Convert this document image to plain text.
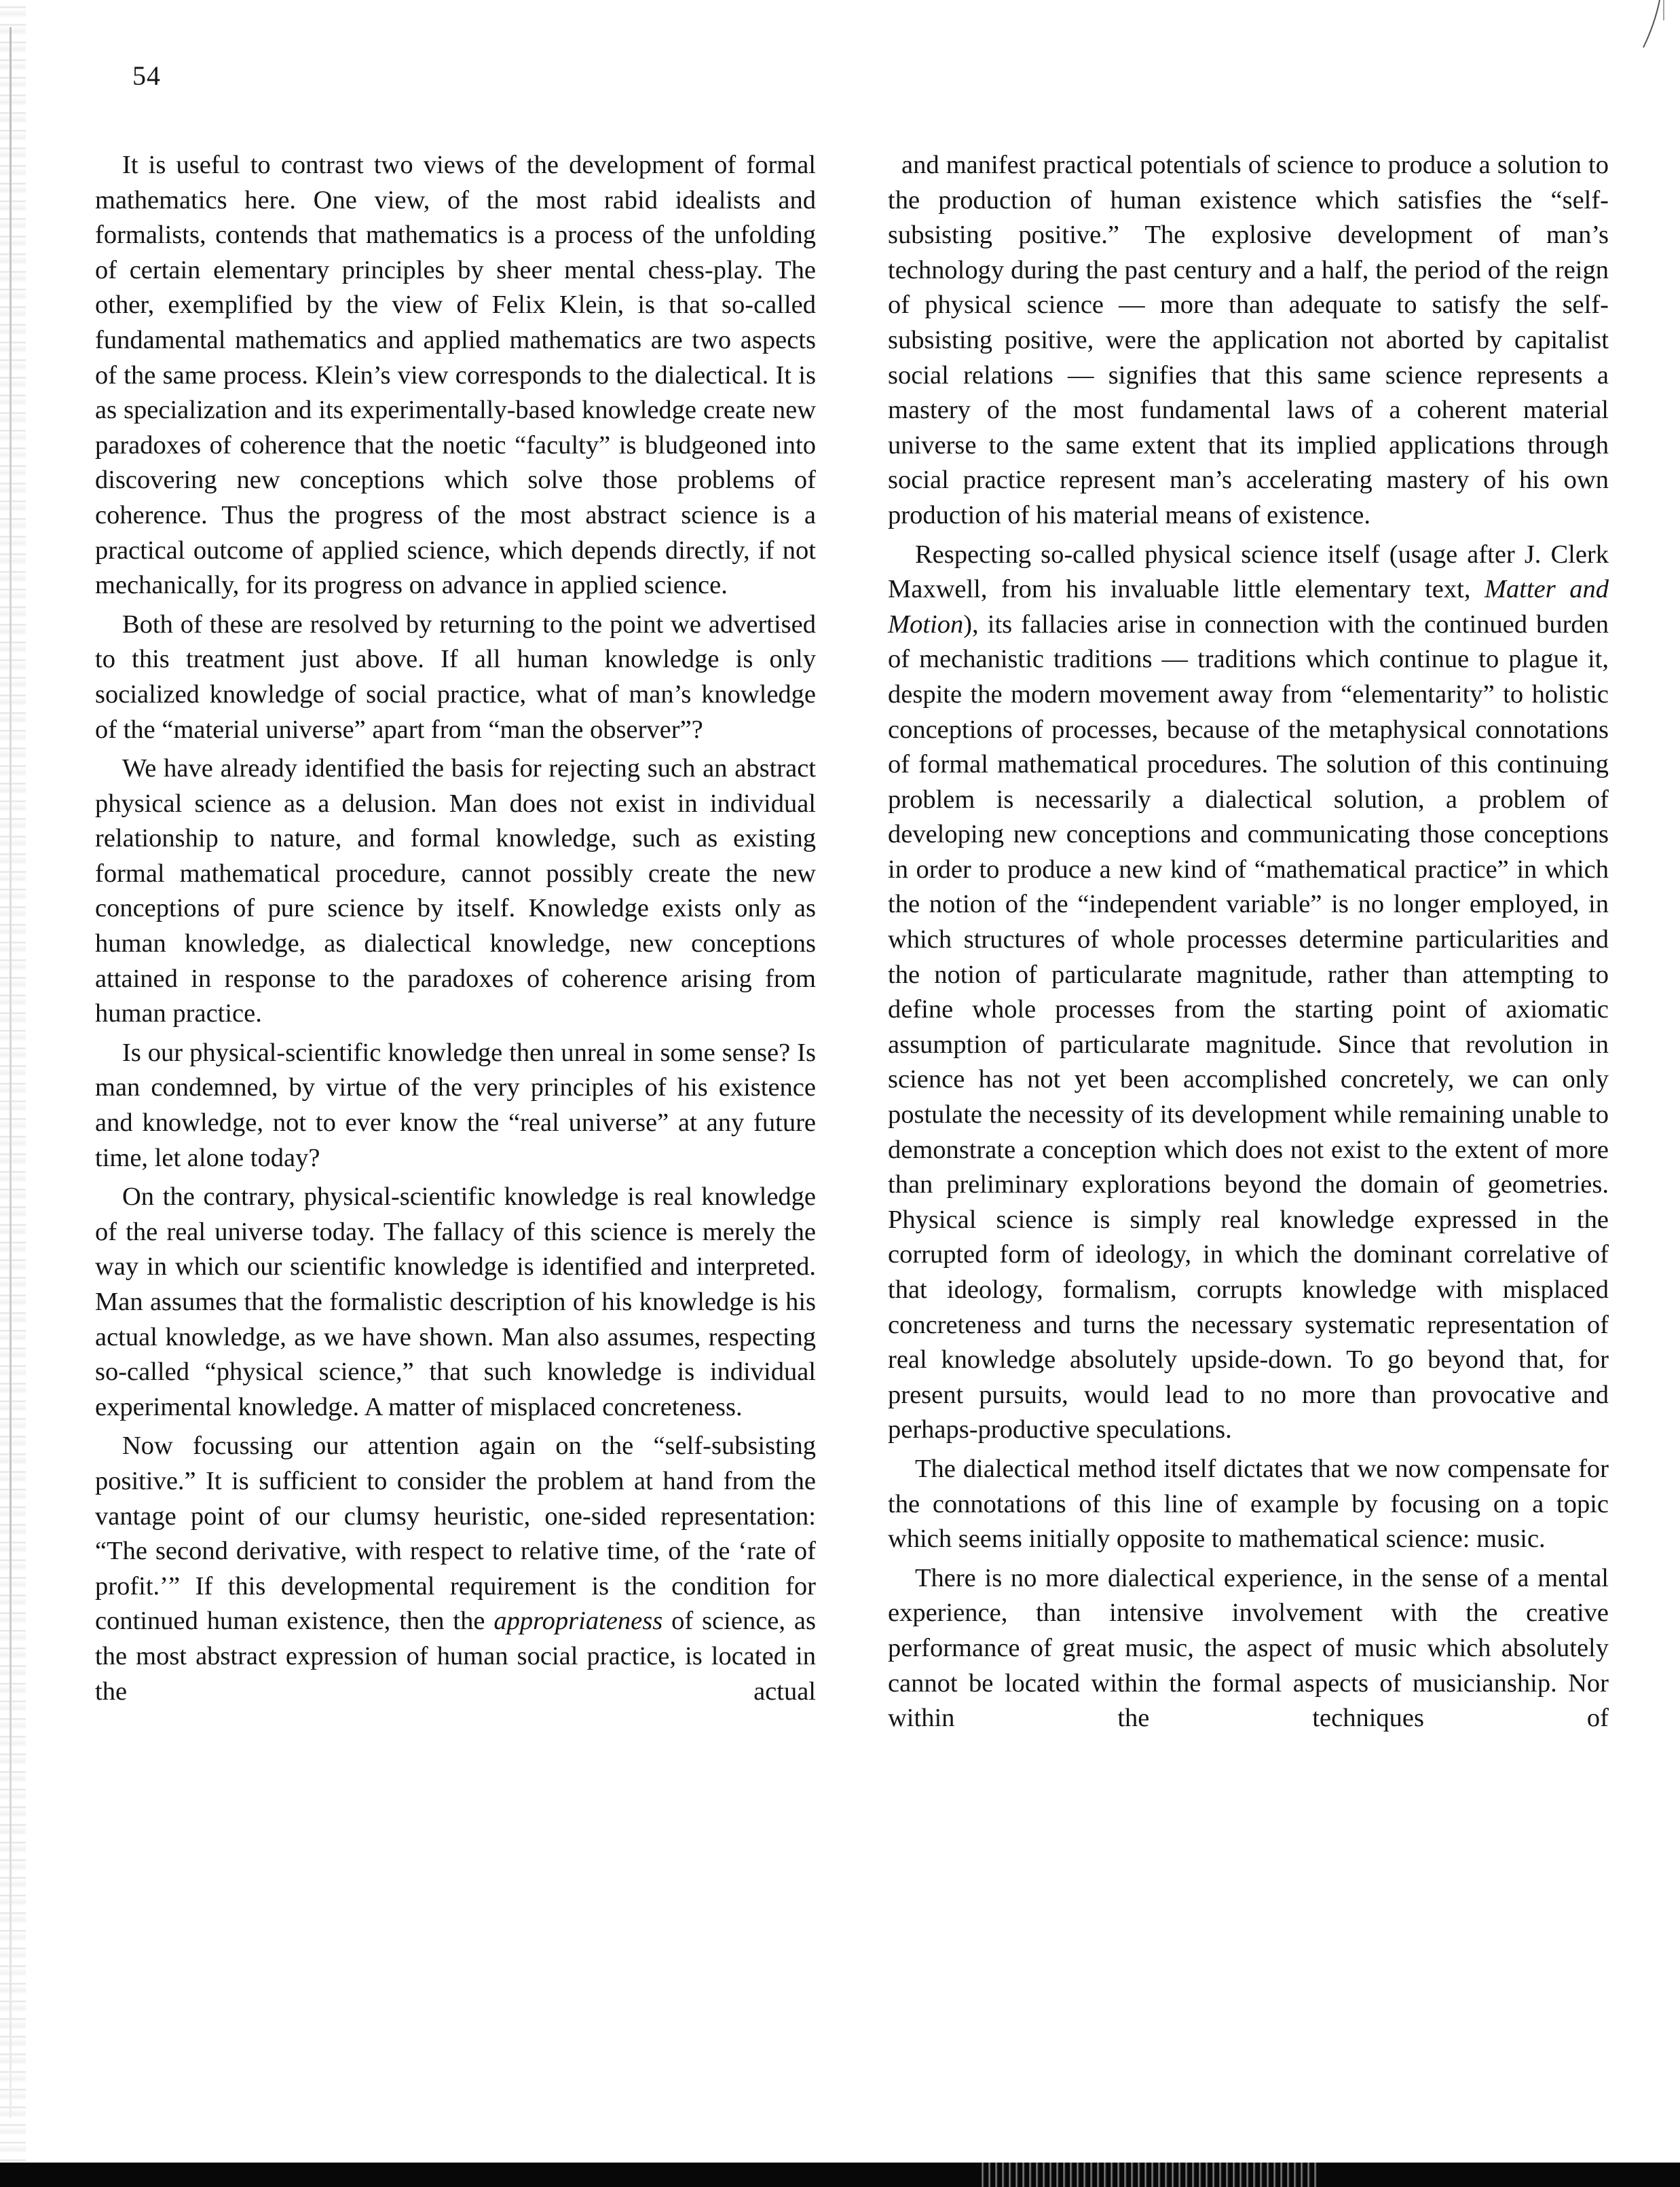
54

It is useful to contrast two views of the development of formal mathematics here. One view, of the most rabid idealists and formalists, contends that mathematics is a process of the unfolding of certain elementary principles by sheer mental chess-play. The other, exemplified by the view of Felix Klein, is that so-called fundamental mathematics and applied mathematics are two aspects of the same process. Klein’s view corresponds to the dialectical. It is as specialization and its experimentally-based knowledge create new paradoxes of coherence that the noetic “faculty” is bludgeoned into discovering new conceptions which solve those problems of coherence. Thus the progress of the most abstract science is a practical outcome of applied science, which depends directly, if not mechanically, for its progress on advance in applied science.

Both of these are resolved by returning to the point we advertised to this treatment just above. If all human knowledge is only socialized knowledge of social practice, what of man’s knowledge of the “material universe” apart from “man the observer”?

We have already identified the basis for rejecting such an abstract physical science as a delusion. Man does not exist in individual relationship to nature, and formal knowledge, such as existing formal mathematical procedure, cannot possibly create the new conceptions of pure science by itself. Knowledge exists only as human knowledge, as dialectical knowledge, new conceptions attained in response to the paradoxes of coherence arising from human practice.

Is our physical-scientific knowledge then unreal in some sense? Is man condemned, by virtue of the very principles of his existence and knowledge, not to ever know the “real universe” at any future time, let alone today?

On the contrary, physical-scientific knowledge is real knowledge of the real universe today. The fallacy of this science is merely the way in which our scientific knowledge is identified and interpreted. Man assumes that the formalistic description of his knowledge is his actual knowledge, as we have shown. Man also assumes, respecting so-called “physical science,” that such knowledge is individual experimental knowledge. A matter of misplaced concreteness.

Now focussing our attention again on the “self-subsisting positive.” It is sufficient to consider the problem at hand from the vantage point of our clumsy heuristic, one-sided representation: “The second derivative, with respect to relative time, of the ‘rate of profit.’” If this developmental requirement is the condition for continued human existence, then the appropriateness of science, as the most abstract expression of human social practice, is located in the actual

and manifest practical potentials of science to produce a solution to the production of human existence which satisfies the “self-subsisting positive.” The explosive development of man’s technology during the past century and a half, the period of the reign of physical science — more than adequate to satisfy the self-subsisting positive, were the application not aborted by capitalist social relations — signifies that this same science represents a mastery of the most fundamental laws of a coherent material universe to the same extent that its implied applications through social practice represent man’s accelerating mastery of his own production of his material means of existence.

Respecting so-called physical science itself (usage after J. Clerk Maxwell, from his invaluable little elementary text, Matter and Motion), its fallacies arise in connection with the continued burden of mechanistic traditions — traditions which continue to plague it, despite the modern movement away from “elementarity” to holistic conceptions of processes, because of the metaphysical connotations of formal mathematical procedures. The solution of this continuing problem is necessarily a dialectical solution, a problem of developing new conceptions and communicating those conceptions in order to produce a new kind of “mathematical practice” in which the notion of the “independent variable” is no longer employed, in which structures of whole processes determine particularities and the notion of particularate magnitude, rather than attempting to define whole processes from the starting point of axiomatic assumption of particularate magnitude. Since that revolution in science has not yet been accomplished concretely, we can only postulate the necessity of its development while remaining unable to demonstrate a conception which does not exist to the extent of more than preliminary explorations beyond the domain of geometries. Physical science is simply real knowledge expressed in the corrupted form of ideology, in which the dominant correlative of that ideology, formalism, corrupts knowledge with misplaced concreteness and turns the necessary systematic representation of real knowledge absolutely upside-down. To go beyond that, for present pursuits, would lead to no more than provocative and perhaps-productive speculations.

The dialectical method itself dictates that we now compensate for the connotations of this line of example by focusing on a topic which seems initially opposite to mathematical science: music.

There is no more dialectical experience, in the sense of a mental experience, than intensive involvement with the creative performance of great music, the aspect of music which absolutely cannot be located within the formal aspects of musicianship. Nor within the techniques of
